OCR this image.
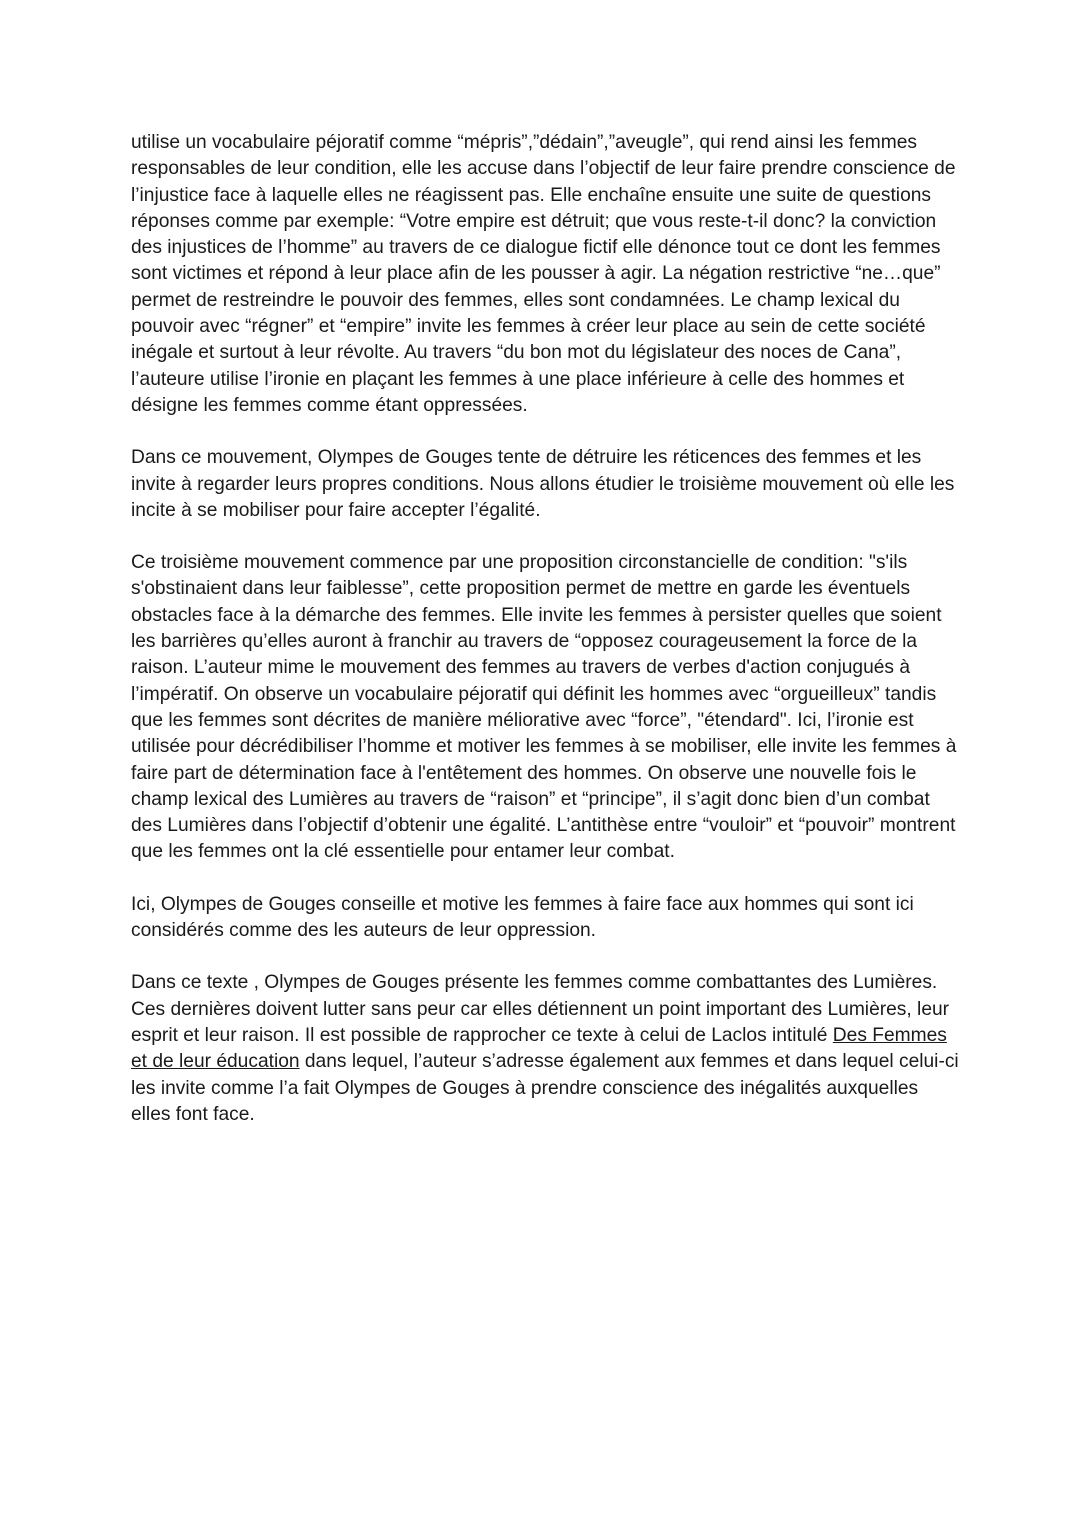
utilise un vocabulaire péjoratif comme “mépris”,”dédain”,”aveugle”, qui rend ainsi les femmes responsables de leur condition, elle les accuse dans l’objectif de leur faire prendre conscience de l’injustice face à laquelle elles ne réagissent pas. Elle enchaîne ensuite une suite de questions réponses comme par exemple: “Votre empire est détruit; que vous reste-t-il donc? la conviction des injustices de l’homme” au travers de ce dialogue fictif elle dénonce tout ce dont les femmes sont victimes et répond à leur place afin de les pousser à agir. La négation restrictive “ne…que” permet de restreindre le pouvoir des femmes, elles sont condamnées. Le champ lexical du pouvoir avec “régner” et “empire” invite les femmes à créer leur place au sein de cette société inégale et surtout à leur révolte. Au travers “du bon mot du législateur des noces de Cana”, l’auteure utilise l’ironie en plaçant les femmes à une place inférieure à celle des hommes et désigne les femmes comme étant oppressées.

Dans ce mouvement, Olympes de Gouges tente de détruire les réticences des femmes et les invite à regarder leurs propres conditions. Nous allons étudier le troisième mouvement où elle les incite à se mobiliser pour faire accepter l’égalité.

Ce troisième mouvement commence par une proposition circonstancielle de condition: "s'ils s'obstinaient dans leur faiblesse”, cette proposition permet de mettre en garde les éventuels obstacles face à la démarche des femmes. Elle invite les femmes à persister quelles que soient les barrières qu’elles auront à franchir au travers de “opposez courageusement la force de la raison. L’auteur mime le mouvement des femmes au travers de verbes d'action conjugués à l’impératif. On observe un vocabulaire péjoratif qui définit les hommes avec “orgueilleux” tandis que les femmes sont décrites de manière méliorative avec “force”, "étendard". Ici, l’ironie est utilisée pour décrédibiliser l’homme et motiver les femmes à se mobiliser, elle invite les femmes à faire part de détermination face à l'entêtement des hommes. On observe une nouvelle fois le champ lexical des Lumières au travers de “raison” et “principe”, il s’agit donc bien d’un combat des Lumières dans l’objectif d’obtenir une égalité. L’antithèse entre “vouloir” et “pouvoir” montrent que les femmes ont la clé essentielle pour entamer leur combat.

Ici, Olympes de Gouges conseille et motive les femmes à faire face aux hommes qui sont ici considérés comme des les auteurs de leur oppression.

Dans ce texte , Olympes de Gouges présente les femmes comme combattantes des Lumières. Ces dernières doivent lutter sans peur car elles détiennent un point important des Lumières, leur esprit et leur raison. Il est possible de rapprocher ce texte à celui de Laclos intitulé Des Femmes et de leur éducation dans lequel, l’auteur s’adresse également aux femmes et dans lequel celui-ci les invite comme l’a fait Olympes de Gouges à prendre conscience des inégalités auxquelles elles font face.
